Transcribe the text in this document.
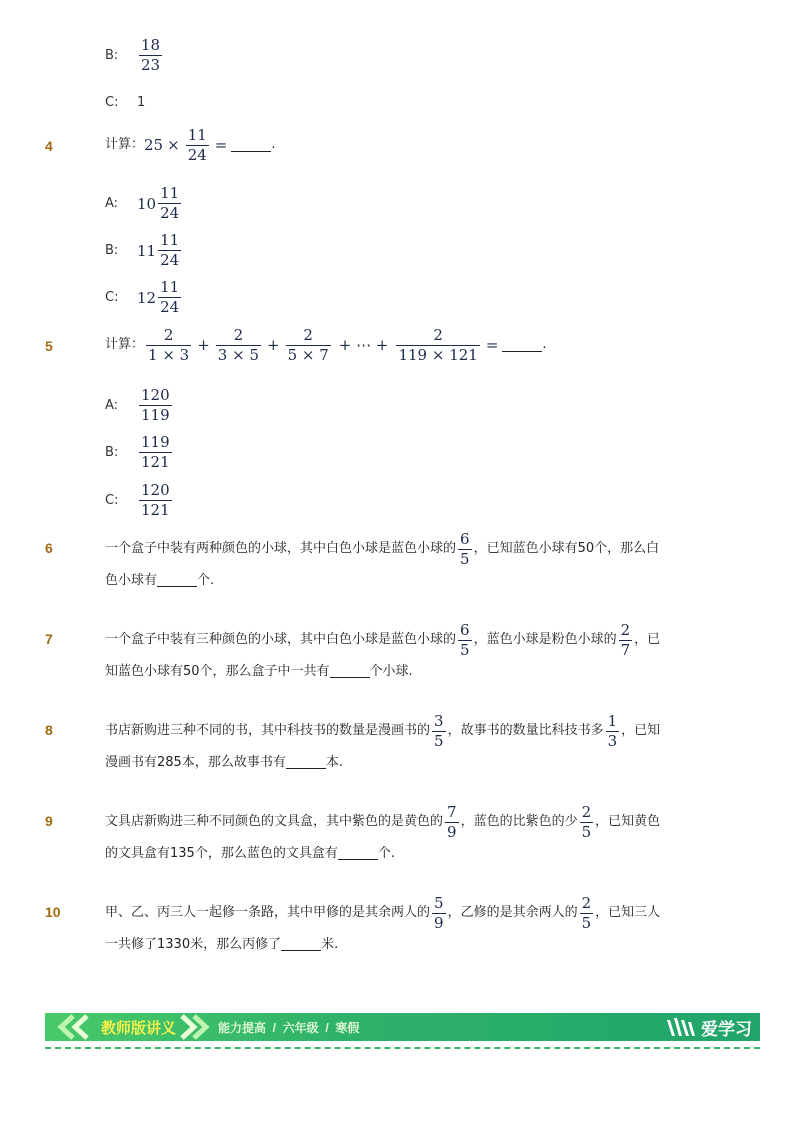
B:	$\frac{18}{23}$
C:	1
4	计算： $25 \times \frac{11}{24}$ =	.
A:	$10 \frac{11}{24}$
B:	$11 \frac{11}{24}$
C:	$12 \frac{11}{24}$
5	计算： $\frac{2}{1 \times 3} + \frac{2}{3 \times 5} + \frac{2}{5 \times 7}$ + ⋯ + $\frac{2}{119 \times 121}$ =	.
A:	$\frac{120}{119}$
B:	$\frac{119}{121}$
C:	$\frac{120}{121}$
6	一个盒子中装有两种颜色的小球，其中白色小球是蓝色小球的 $\frac{6}{5}$ ，已知蓝色小球有50个，那么白
色小球有	个.
7	一个盒子中装有三种颜色的小球，其中白色小球是蓝色小球的 $\frac{6}{5}$ ，蓝色小球是粉色小球的 $\frac{2}{7}$ ，已
知蓝色小球有50个，那么盒子中一共有	个小球.
8	书店新购进三种不同的书，其中科技书的数量是漫画书的 $\frac{3}{5}$ ，故事书的数量比科技书多 $\frac{1}{3}$ ，已知
漫画书有285本，那么故事书有	本.
9	文具店新购进三种不同颜色的文具盒，其中紫色的是黄色的 $\frac{7}{9}$ ，蓝色的比紫色的少 $\frac{2}{5}$ ，已知黄色
的文具盒有135个，那么蓝色的文具盒有	个.
10	甲、乙、丙三人一起修一条路，其中甲修的是其余两人的 $\frac{5}{9}$ ，乙修的是其余两人的 $\frac{2}{5}$ ，已知三人
一共修了1330米，那么丙修了	米.
教师版讲义	能力提高  /  六年级  /  寒假	爱学习
